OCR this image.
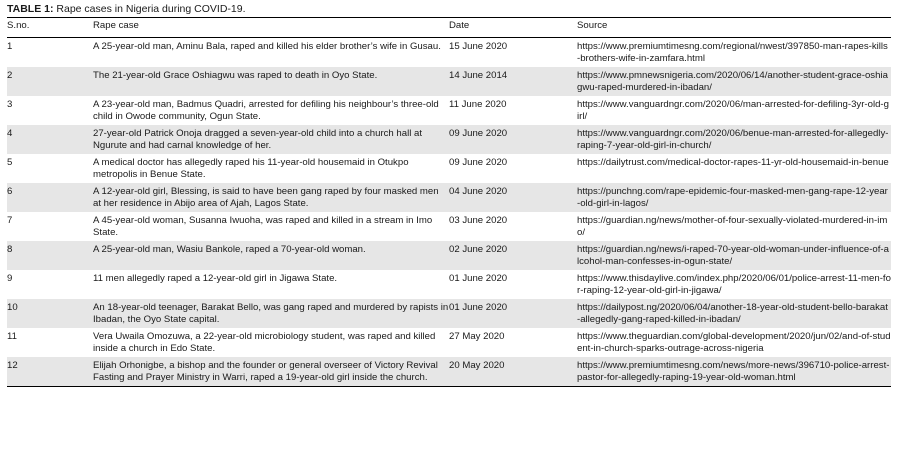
TABLE 1: Rape cases in Nigeria during COVID-19.
S.no.	Rape case	Date	Source
1	A 25-year-old man, Aminu Bala, raped and killed his elder brother’s wife in Gusau.	15 June 2020	https://www.premiumtimesng.com/regional/nwest/397850-man-rapes-kills-brothers-wife-in-zamfara.html
2	The 21-year-old Grace Oshiagwu was raped to death in Oyo State.	14 June 2014	https://www.pmnewsnigeria.com/2020/06/14/another-student-grace-oshiagwu-raped-murdered-in-ibadan/
3	A 23-year-old man, Badmus Quadri, arrested for defiling his neighbour’s three-old child in Owode community, Ogun State.	11 June 2020	https://www.vanguardngr.com/2020/06/man-arrested-for-defiling-3yr-old-girl/
4	27-year-old Patrick Onoja dragged a seven-year-old child into a church hall at Ngurute and had carnal knowledge of her.	09 June 2020	https://www.vanguardngr.com/2020/06/benue-man-arrested-for-allegedly-raping-7-year-old-girl-in-church/
5	A medical doctor has allegedly raped his 11-year-old housemaid in Otukpo metropolis in Benue State.	09 June 2020	https://dailytrust.com/medical-doctor-rapes-11-yr-old-housemaid-in-benue
6	A 12-year-old girl, Blessing, is said to have been gang raped by four masked men at her residence in Abijo area of Ajah, Lagos State.	04 June 2020	https://punchng.com/rape-epidemic-four-masked-men-gang-rape-12-year-old-girl-in-lagos/
7	A 45-year-old woman, Susanna Iwuoha, was raped and killed in a stream in Imo State.	03 June 2020	https://guardian.ng/news/mother-of-four-sexually-violated-murdered-in-imo/
8	A 25-year-old man, Wasiu Bankole, raped a 70-year-old woman.	02 June 2020	https://guardian.ng/news/i-raped-70-year-old-woman-under-influence-of-alcohol-man-confesses-in-ogun-state/
9	11 men allegedly raped a 12-year-old girl in Jigawa State.	01 June 2020	https://www.thisdaylive.com/index.php/2020/06/01/police-arrest-11-men-for-raping-12-year-old-girl-in-jigawa/
10	An 18-year-old teenager, Barakat Bello, was gang raped and murdered by rapists in Ibadan, the Oyo State capital.	01 June 2020	https://dailypost.ng/2020/06/04/another-18-year-old-student-bello-barakat-allegedly-gang-raped-killed-in-ibadan/
11	Vera Uwaila Omozuwa, a 22-year-old microbiology student, was raped and killed inside a church in Edo State.	27 May 2020	https://www.theguardian.com/global-development/2020/jun/02/and-of-student-in-church-sparks-outrage-across-nigeria
12	Elijah Orhonigbe, a bishop and the founder or general overseer of Victory Revival Fasting and Prayer Ministry in Warri, raped a 19-year-old girl inside the church.	20 May 2020	https://www.premiumtimesng.com/news/more-news/396710-police-arrest-pastor-for-allegedly-raping-19-year-old-woman.html
